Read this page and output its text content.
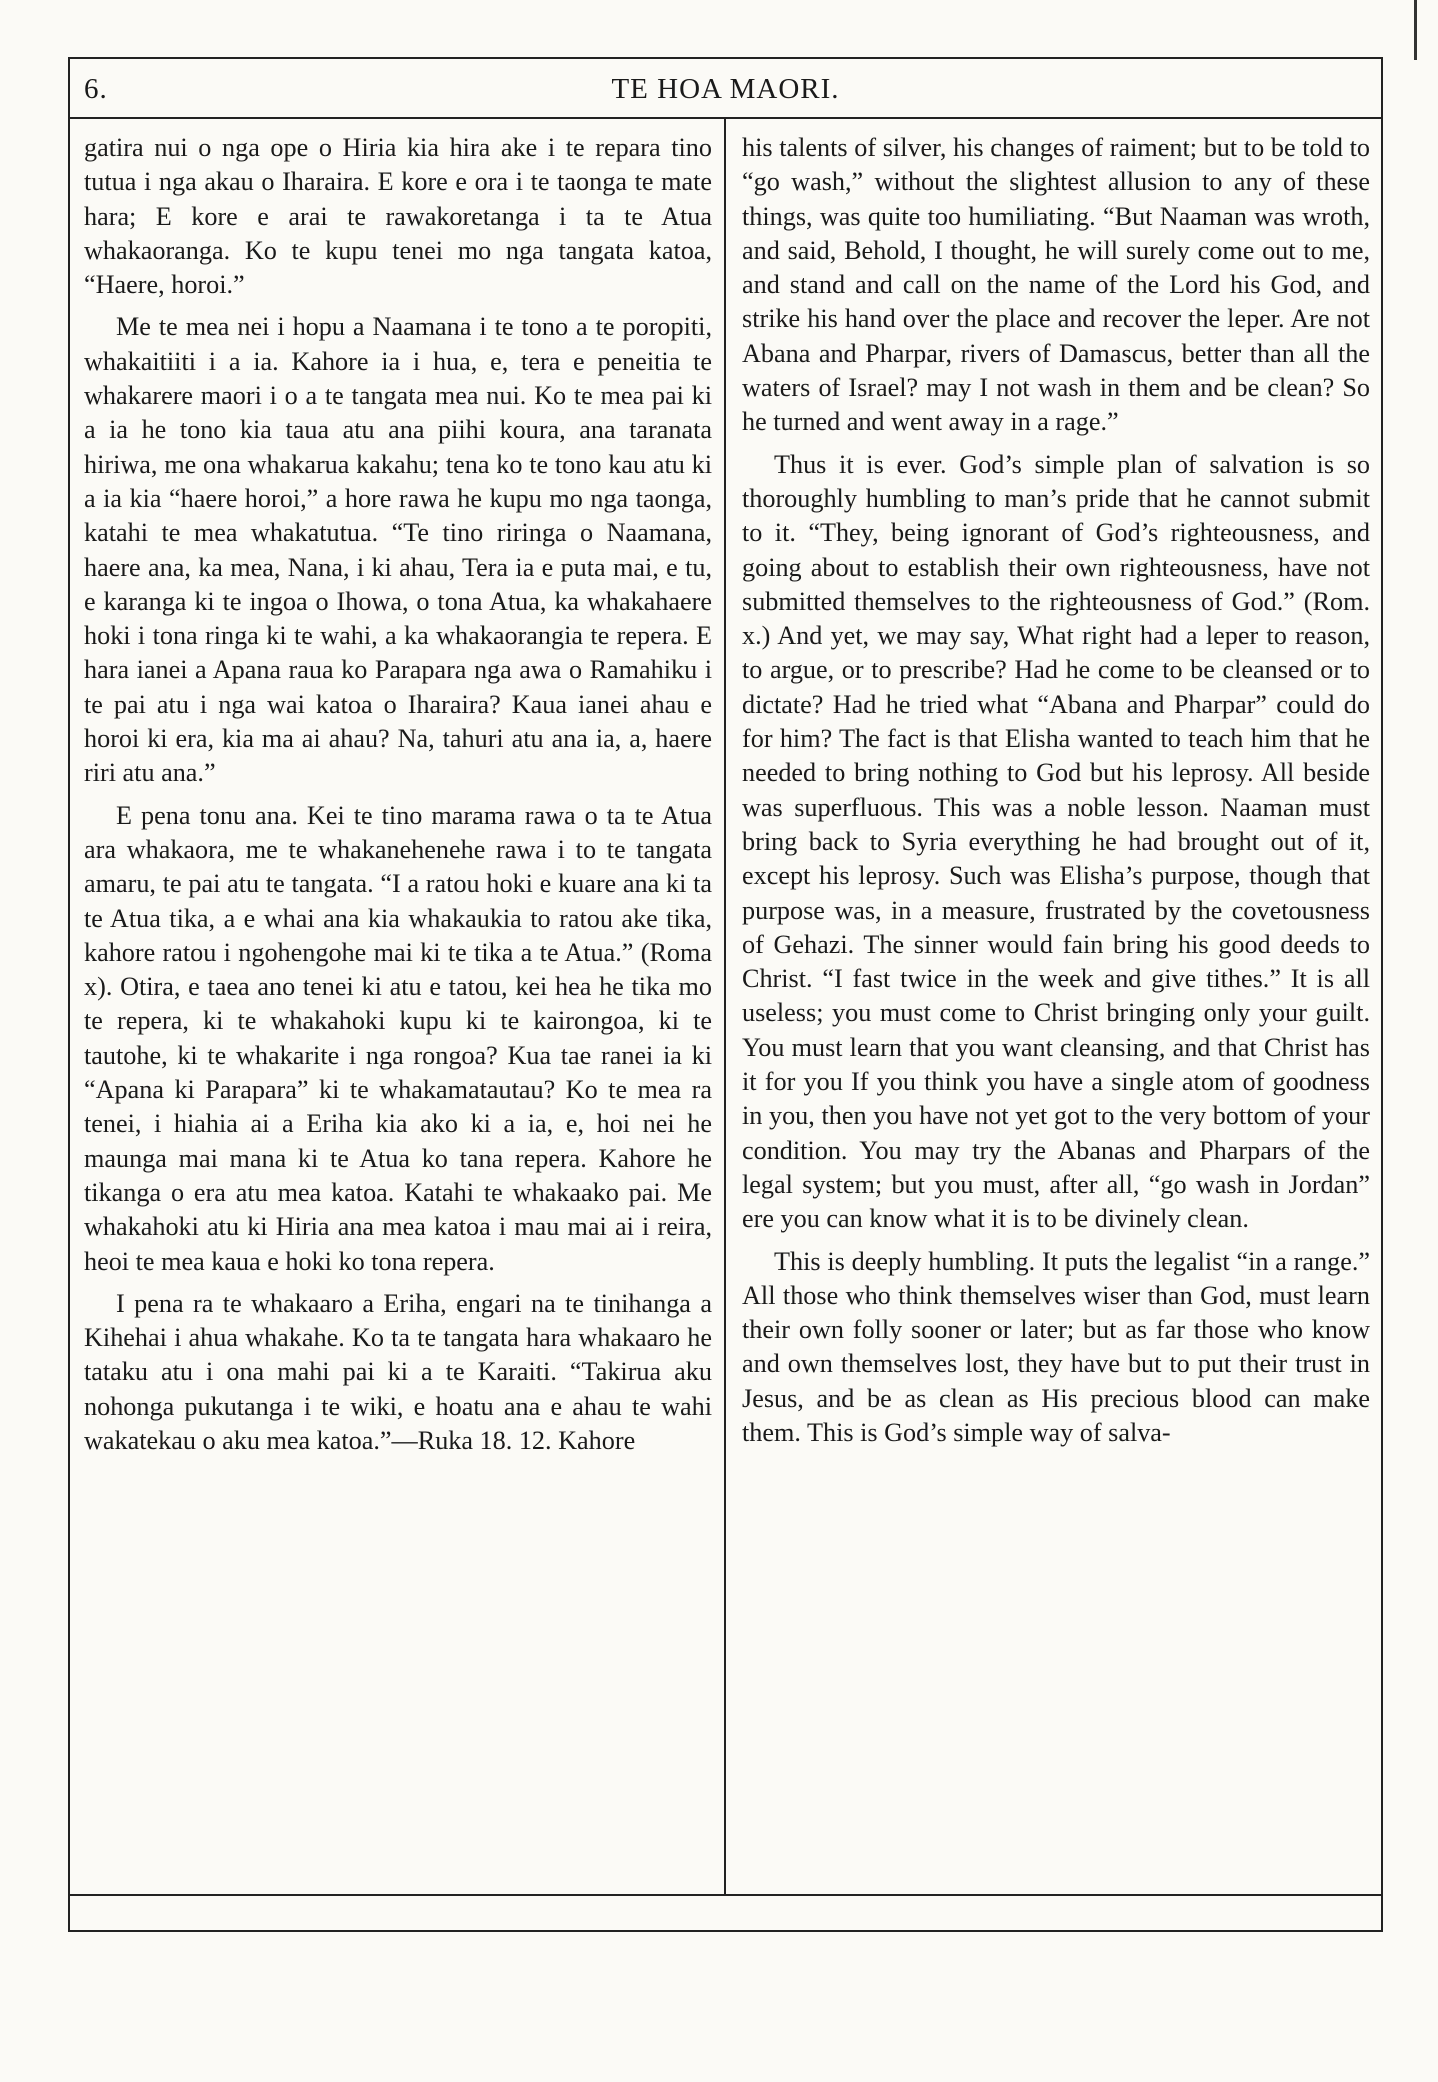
6.	TE HOA MAORI.

gatira nui o nga ope o Hiria kia hira ake i te repara tino tutua i nga akau o Iharaira. E kore e ora i te taonga te mate hara; E kore e arai te rawakoretanga i ta te Atua whakaoranga. Ko te kupu tenei mo nga tangata katoa, “Haere, horoi.”

Me te mea nei i hopu a Naamana i te tono a te poropiti, whakaitiiti i a ia. Kahore ia i hua, e, tera e peneitia te whakarere maori i o a te tangata mea nui. Ko te mea pai ki a ia he tono kia taua atu ana piihi koura, ana taranata hiriwa, me ona whakarua kakahu; tena ko te tono kau atu ki a ia kia “haere horoi,” a hore rawa he kupu mo nga taonga, katahi te mea whakatutua. “Te tino riringa o Naamana, haere ana, ka mea, Nana, i ki ahau, Tera ia e puta mai, e tu, e karanga ki te ingoa o Ihowa, o tona Atua, ka whakahaere hoki i tona ringa ki te wahi, a ka whakaorangia te repera. E hara ianei a Apana raua ko Parapara nga awa o Ramahiku i te pai atu i nga wai katoa o Iharaira? Kaua ianei ahau e horoi ki era, kia ma ai ahau? Na, tahuri atu ana ia, a, haere riri atu ana.”

E pena tonu ana. Kei te tino marama rawa o ta te Atua ara whakaora, me te whakanehenehe rawa i to te tangata amaru, te pai atu te tangata. “I a ratou hoki e kuare ana ki ta te Atua tika, a e whai ana kia whakaukia to ratou ake tika, kahore ratou i ngohengohe mai ki te tika a te Atua.” (Roma x). Otira, e taea ano tenei ki atu e tatou, kei hea he tika mo te repera, ki te whakahoki kupu ki te kairongoa, ki te tautohe, ki te whakarite i nga rongoa? Kua tae ranei ia ki “Apana ki Parapara” ki te whakamatautau? Ko te mea ra tenei, i hiahia ai a Eriha kia ako ki a ia, e, hoi nei he maunga mai mana ki te Atua ko tana repera. Kahore he tikanga o era atu mea katoa. Katahi te whakaako pai. Me whakahoki atu ki Hiria ana mea katoa i mau mai ai i reira, heoi te mea kaua e hoki ko tona repera.

I pena ra te whakaaro a Eriha, engari na te tinihanga a Kihehai i ahua whakahe. Ko ta te tangata hara whakaaro he tataku atu i ona mahi pai ki a te Karaiti. “Takirua aku nohonga pukutanga i te wiki, e hoatu ana e ahau te wahi wakatekau o aku mea katoa.”—Ruka 18. 12. Kahore

his talents of silver, his changes of raiment; but to be told to “go wash,” without the slightest allusion to any of these things, was quite too humiliating. “But Naaman was wroth, and said, Behold, I thought, he will surely come out to me, and stand and call on the name of the Lord his God, and strike his hand over the place and recover the leper. Are not Abana and Pharpar, rivers of Damascus, better than all the waters of Israel? may I not wash in them and be clean? So he turned and went away in a rage.”

Thus it is ever. God’s simple plan of salvation is so thoroughly humbling to man’s pride that he cannot submit to it. “They, being ignorant of God’s righteousness, and going about to establish their own righteousness, have not submitted themselves to the righteousness of God.” (Rom. x.) And yet, we may say, What right had a leper to reason, to argue, or to prescribe? Had he come to be cleansed or to dictate? Had he tried what “Abana and Pharpar” could do for him? The fact is that Elisha wanted to teach him that he needed to bring nothing to God but his leprosy. All beside was superfluous. This was a noble lesson. Naaman must bring back to Syria everything he had brought out of it, except his leprosy. Such was Elisha’s purpose, though that purpose was, in a measure, frustrated by the covetousness of Gehazi. The sinner would fain bring his good deeds to Christ. “I fast twice in the week and give tithes.” It is all useless; you must come to Christ bringing only your guilt. You must learn that you want cleansing, and that Christ has it for you If you think you have a single atom of goodness in you, then you have not yet got to the very bottom of your condition. You may try the Abanas and Pharpars of the legal system; but you must, after all, “go wash in Jordan” ere you can know what it is to be divinely clean.

This is deeply humbling. It puts the legalist “in a range.” All those who think themselves wiser than God, must learn their own folly sooner or later; but as far those who know and own themselves lost, they have but to put their trust in Jesus, and be as clean as His precious blood can make them. This is God’s simple way of salva-
